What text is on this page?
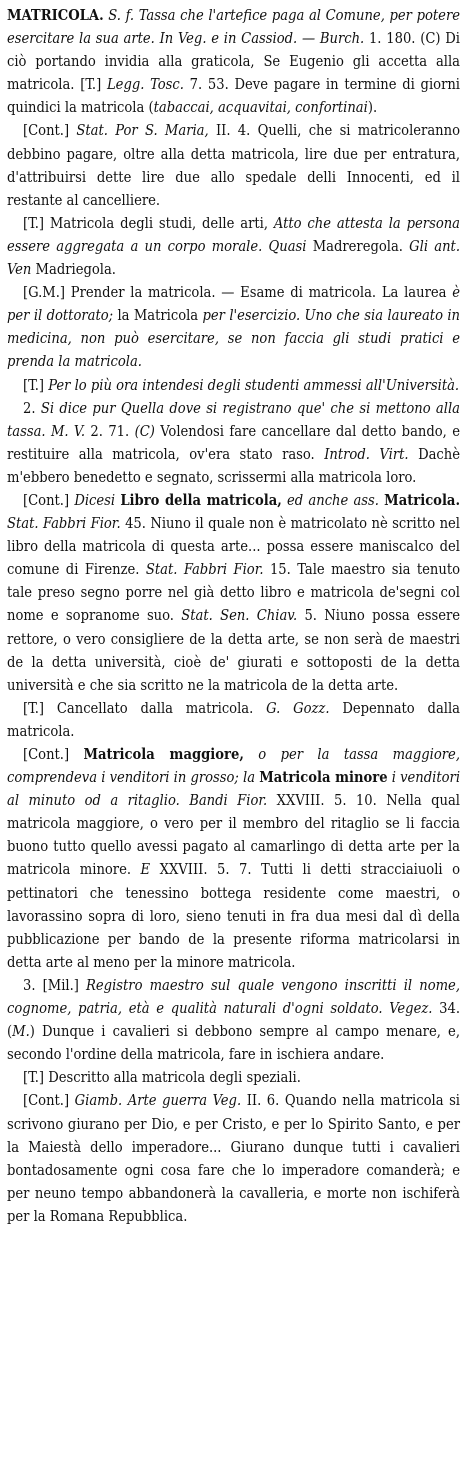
MATRICOLA. S. f. Tassa che l'artefice paga al Comune, per potere esercitare la sua arte. In Veg. e in Cassiod. — Burch. 1. 180. (C) Di ciò portando invidia alla graticola, Se Eugenio gli accetta alla matricola. [T.] Legg. Tosc. 7. 53. Deve pagare in termine di giorni quindici la matricola (tabaccai, acquavitai, confortinai).

[Cont.] Stat. Por S. Maria, II. 4. Quelli, che si matricoleranno debbino pagare, oltre alla detta matricola, lire due per entratura, d'attribuirsi dette lire due allo spedale delli Innocenti, ed il restante al cancelliere.

[T.] Matricola degli studi, delle arti, Atto che attesta la persona essere aggregata a un corpo morale. Quasi Madreregola. Gli ant. Ven Madriegola.

[G.M.] Prender la matricola. — Esame di matricola. La laurea è per il dottorato; la Matricola per l'esercizio. Uno che sia laureato in medicina, non può esercitare, se non faccia gli studi pratici e prenda la matricola.

[T.] Per lo più ora intendesi degli studenti ammessi all'Università.

2. Si dice pur Quella dove si registrano que' che si mettono alla tassa. M. V. 2. 71. (C) Volendosi fare cancellare dal detto bando, e restituire alla matricola, ov'era stato raso. Introd. Virt. Dachè m'ebbero benedetto e segnato, scrissermi alla matricola loro.

[Cont.] Dicesi Libro della matricola, ed anche ass. Matricola. Stat. Fabbri Fior. 45. Niuno il quale non è matricolato nè scritto nel libro della matricola di questa arte... possa essere maniscalco del comune di Firenze. Stat. Fabbri Fior. 15. Tale maestro sia tenuto tale preso segno porre nel già detto libro e matricola de'segni col nome e sopranome suo. Stat. Sen. Chiav. 5. Niuno possa essere rettore, o vero consigliere de la detta arte, se non serà de maestri de la detta università, cioè de' giurati e sottoposti de la detta università e che sia scritto ne la matricola de la detta arte.

[T.] Cancellato dalla matricola. G. Gozz. Depennato dalla matricola.

[Cont.] Matricola maggiore, o per la tassa maggiore, comprendeva i venditori in grosso; la Matricola minore i venditori al minuto od a ritaglio. Bandi Fior. XXVIII. 5. 10. Nella qual matricola maggiore, o vero per il membro del ritaglio se li faccia buono tutto quello avessi pagato al camarlingo di detta arte per la matricola minore. E XXVIII. 5. 7. Tutti li detti stracciaiuoli o pettinatori che tenessino bottega residente come maestri, o lavorassino sopra di loro, sieno tenuti in fra dua mesi dal dì della pubblicazione per bando de la presente riforma matricolarsi in detta arte al meno per la minore matricola.

3. [Mil.] Registro maestro sul quale vengono inscritti il nome, cognome, patria, età e qualità naturali d'ogni soldato. Vegez. 34. (M.) Dunque i cavalieri si debbono sempre al campo menare, e, secondo l'ordine della matricola, fare in ischiera andare.

[T.] Descritto alla matricola degli speziali.

[Cont.] Giamb. Arte guerra Veg. II. 6. Quando nella matricola si scrivono giurano per Dio, e per Cristo, e per lo Spirito Santo, e per la Maiestà dello imperadore... Giurano dunque tutti i cavalieri bontadosamente ogni cosa fare che lo imperadore comanderà; e per neuno tempo abbandonerà la cavalleria, e morte non ischiferà per la Romana Repubblica.
